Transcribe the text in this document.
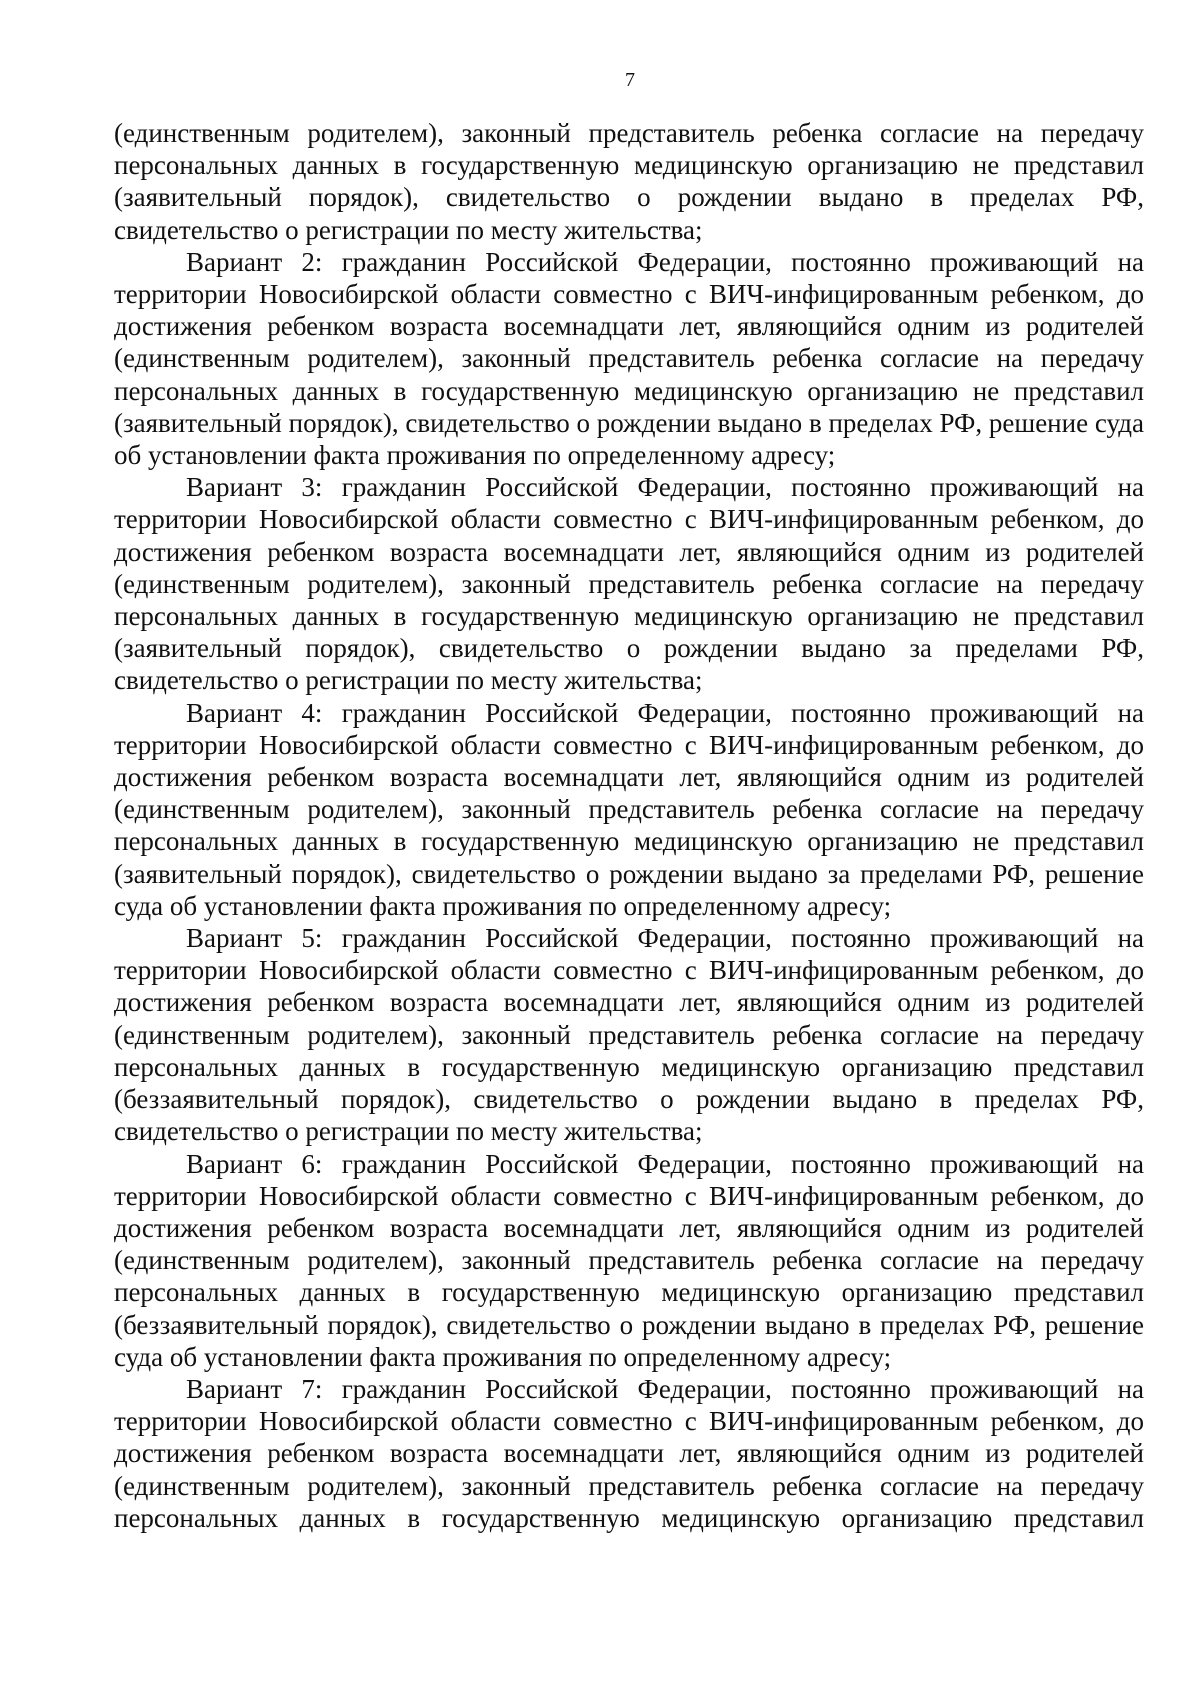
7

(единственным родителем), законный представитель ребенка согласие на передачу персональных данных в государственную медицинскую организацию не представил (заявительный порядок), свидетельство о рождении выдано в пределах РФ, свидетельство о регистрации по месту жительства;

Вариант 2: гражданин Российской Федерации, постоянно проживающий на территории Новосибирской области совместно с ВИЧ-инфицированным ребенком, до достижения ребенком возраста восемнадцати лет, являющийся одним из родителей (единственным родителем), законный представитель ребенка согласие на передачу персональных данных в государственную медицинскую организацию не представил (заявительный порядок), свидетельство о рождении выдано в пределах РФ, решение суда об установлении факта проживания по определенному адресу;

Вариант 3: гражданин Российской Федерации, постоянно проживающий на территории Новосибирской области совместно с ВИЧ-инфицированным ребенком, до достижения ребенком возраста восемнадцати лет, являющийся одним из родителей (единственным родителем), законный представитель ребенка согласие на передачу персональных данных в государственную медицинскую организацию не представил (заявительный порядок), свидетельство о рождении выдано за пределами РФ, свидетельство о регистрации по месту жительства;

Вариант 4: гражданин Российской Федерации, постоянно проживающий на территории Новосибирской области совместно с ВИЧ-инфицированным ребенком, до достижения ребенком возраста восемнадцати лет, являющийся одним из родителей (единственным родителем), законный представитель ребенка согласие на передачу персональных данных в государственную медицинскую организацию не представил (заявительный порядок), свидетельство о рождении выдано за пределами РФ, решение суда об установлении факта проживания по определенному адресу;

Вариант 5: гражданин Российской Федерации, постоянно проживающий на территории Новосибирской области совместно с ВИЧ-инфицированным ребенком, до достижения ребенком возраста восемнадцати лет, являющийся одним из родителей (единственным родителем), законный представитель ребенка согласие на передачу персональных данных в государственную медицинскую организацию представил (беззаявительный порядок), свидетельство о рождении выдано в пределах РФ, свидетельство о регистрации по месту жительства;

Вариант 6: гражданин Российской Федерации, постоянно проживающий на территории Новосибирской области совместно с ВИЧ-инфицированным ребенком, до достижения ребенком возраста восемнадцати лет, являющийся одним из родителей (единственным родителем), законный представитель ребенка согласие на передачу персональных данных в государственную медицинскую организацию представил (беззаявительный порядок), свидетельство о рождении выдано в пределах РФ, решение суда об установлении факта проживания по определенному адресу;

Вариант 7: гражданин Российской Федерации, постоянно проживающий на территории Новосибирской области совместно с ВИЧ-инфицированным ребенком, до достижения ребенком возраста восемнадцати лет, являющийся одним из родителей (единственным родителем), законный представитель ребенка согласие на передачу персональных данных в государственную медицинскую организацию представил
